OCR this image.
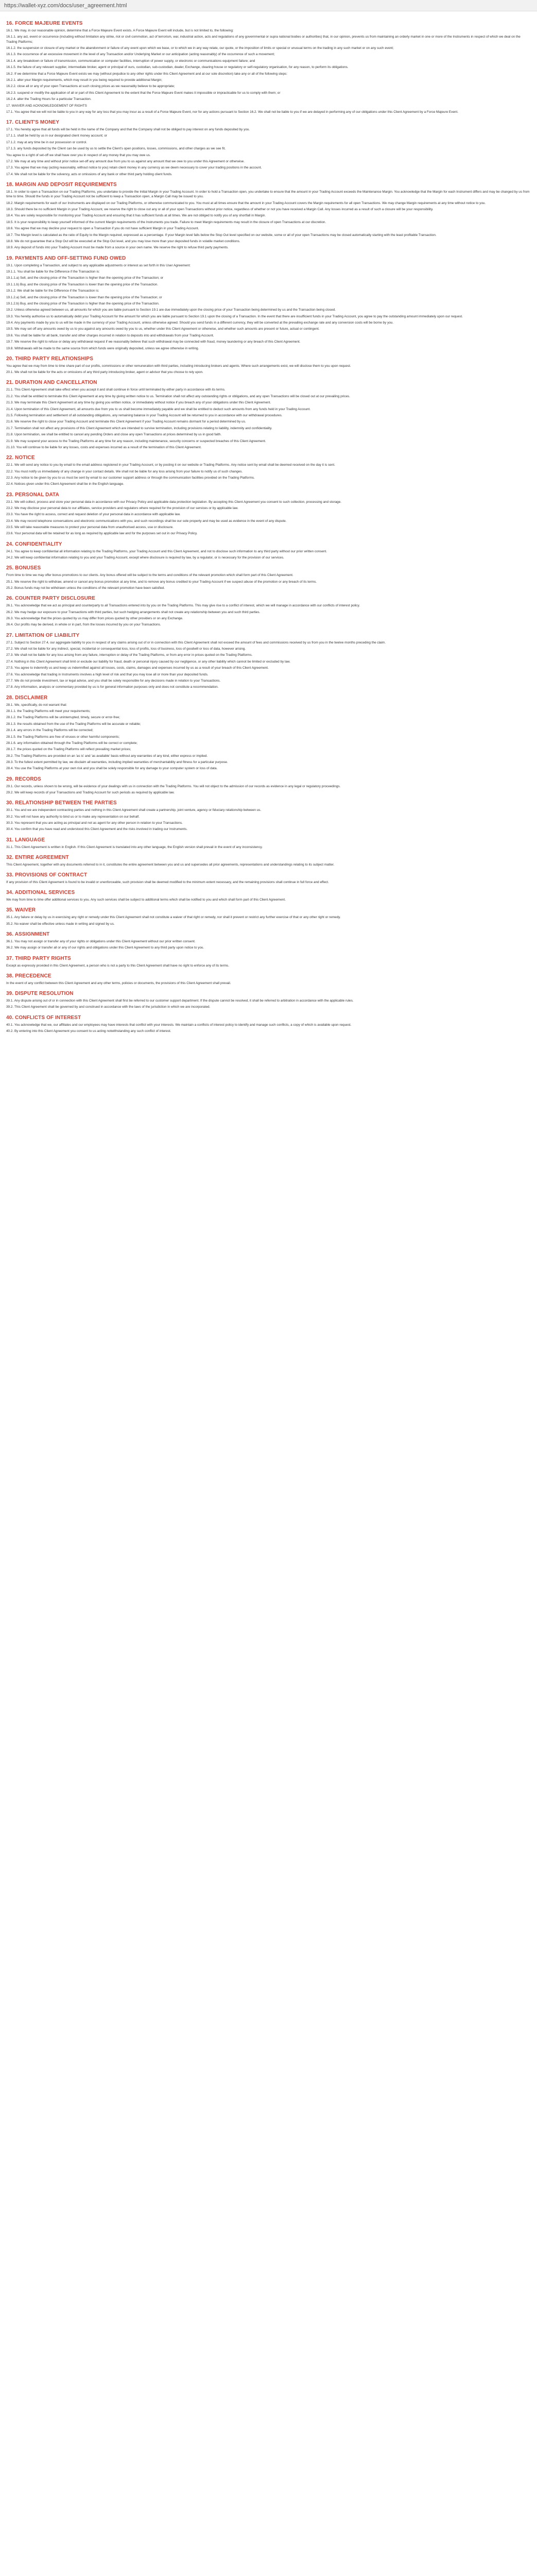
https://wallet-xyz.com/docs/user_agreement.html
16. FORCE MAJEURE EVENTS
16.1. We may, in our reasonable opinion, determine that a Force Majeure Event exists. A Force Majeure Event will include, but is not limited to, the following:
16.1.1. any act, event or occurrence (including without limitation any strike, riot or civil commotion, act of terrorism, war, industrial action, acts and regulations of any governmental or supra national bodies or authorities) that, in our opinion, prevents us from maintaining an orderly market in one or more of the Instruments in respect of which we deal on the Trading Platforms;
16.1.2. the suspension or closure of any market or the abandonment or failure of any event upon which we base, or to which we in any way relate, our quote, or the imposition of limits or special or unusual terms on the trading in any such market or on any such event;
16.1.3. the occurrence of an excessive movement in the level of any Transaction and/or Underlying Market or our anticipation (acting reasonably) of the occurrence of such a movement;
16.1.4. any breakdown or failure of transmission, communication or computer facilities, interruption of power supply, or electronic or communications equipment failure; and
16.1.5. the failure of any relevant supplier, intermediate broker, agent or principal of ours, custodian, sub-custodian, dealer, Exchange, clearing house or regulatory or self-regulatory organisation, for any reason, to perform its obligations.
16.2. If we determine that a Force Majeure Event exists we may (without prejudice to any other rights under this Client Agreement and at our sole discretion) take any or all of the following steps:
16.2.1. alter your Margin requirements, which may result in you being required to provide additional Margin;
16.2.2. close all or any of your open Transactions at such closing prices as we reasonably believe to be appropriate;
16.2.3. suspend or modify the application of all or part of this Client Agreement to the extent that the Force Majeure Event makes it impossible or impracticable for us to comply with them; or
16.2.4. alter the Trading Hours for a particular Transaction.
17. WAIVER AND ACKNOWLEDGEMENT OF RIGHTS
17.1. You agree that we will not be liable to you in any way for any loss that you may incur as a result of a Force Majeure Event, nor for any actions pursuant to Section 16.2. We shall not be liable to you if we are delayed in performing any of our obligations under this Client Agreement by a Force Majeure Event.
17. CLIENT'S MONEY
17.1. You hereby agree that all funds will be held in the name of the Company and that the Company shall not be obliged to pay interest on any funds deposited by you.
17.1.1. shall be held by us in our designated client money account; or
17.1.2. may at any time be in our possession or control.
17.1.3. any funds deposited by the Client can be used by us to settle the Client's open positions, losses, commissions, and other charges as we see fit.
You agree to a right of set-off we shall have over you in respect of any money that you may owe us.
17.2. We may at any time and without prior notice set-off any amount due from you to us against any amount that we owe to you under this Agreement or otherwise.
17.3. You agree that we may (acting reasonably, without notice to you) retain client money in any currency as we deem necessary to cover your trading positions in the account.
17.4. We shall not be liable for the solvency, acts or omissions of any bank or other third party holding client funds.
18. MARGIN AND DEPOSIT REQUIREMENTS
18.1. In order to open a Transaction on our Trading Platforms, you undertake to provide the Initial Margin in your Trading Account. In order to hold a Transaction open, you undertake to ensure that the amount in your Trading Account exceeds the Maintenance Margin. You acknowledge that the Margin for each Instrument differs and may be changed by us from time to time. Should the funds in your Trading Account not be sufficient to keep a Transaction open, a Margin Call may be issued to you.
18.2. Margin requirements for each of our Instruments are displayed on our Trading Platforms, or otherwise communicated to you. You must at all times ensure that the amount in your Trading Account covers the Margin requirements for all open Transactions. We may change Margin requirements at any time without notice to you.
18.3. Should there be no sufficient Margin in your Trading Account, we reserve the right to close out any or all of your open Transactions without prior notice, regardless of whether or not you have received a Margin Call. Any losses incurred as a result of such a closure will be your responsibility.
18.4. You are solely responsible for monitoring your Trading Account and ensuring that it has sufficient funds at all times. We are not obliged to notify you of any shortfall in Margin.
18.5. It is your responsibility to keep yourself informed of the current Margin requirements of the Instruments you trade. Failure to meet Margin requirements may result in the closure of open Transactions at our discretion.
18.6. You agree that we may decline your request to open a Transaction if you do not have sufficient Margin in your Trading Account.
18.7. The Margin level is calculated as the ratio of Equity to the Margin required, expressed as a percentage. If your Margin level falls below the Stop Out level specified on our website, some or all of your open Transactions may be closed automatically starting with the least profitable Transaction.
18.8. We do not guarantee that a Stop Out will be executed at the Stop Out level, and you may lose more than your deposited funds in volatile market conditions.
18.9. Any deposit of funds into your Trading Account must be made from a source in your own name. We reserve the right to refuse third party payments.
19. PAYMENTS AND OFF-SETTING FUND OWED
19.1. Upon completing a Transaction, and subject to any applicable adjustments or interest as set forth in this User Agreement:
19.1.1. You shall be liable for the Difference if the Transaction is:
19.1.1.a) Sell, and the closing price of the Transaction is higher than the opening price of the Transaction; or
19.1.1.b) Buy, and the closing price of the Transaction is lower than the opening price of the Transaction.
19.1.2. We shall be liable for the Difference if the Transaction is:
19.1.2.a) Sell, and the closing price of the Transaction is lower than the opening price of the Transaction; or
19.1.2.b) Buy, and the closing price of the Transaction is higher than the opening price of the Transaction.
19.2. Unless otherwise agreed between us, all amounts for which you are liable pursuant to Section 19.1 are due immediately upon the closing price of your Transaction being determined by us and the Transaction being closed.
19.3. You hereby authorise us to automatically debit your Trading Account for the amount for which you are liable pursuant to Section 19.1 upon the closing of a Transaction. In the event that there are insufficient funds in your Trading Account, you agree to pay the outstanding amount immediately upon our request.
19.4. Any payments made by you to us will be made in the currency of your Trading Account, unless otherwise agreed. Should you send funds in a different currency, they will be converted at the prevailing exchange rate and any conversion costs will be borne by you.
19.5. We may set off any amounts owed by us to you against any amounts owed by you to us, whether under this Client Agreement or otherwise, and whether such amounts are present or future, actual or contingent.
19.6. You shall be liable for all bank, transfer and other charges incurred in relation to deposits into and withdrawals from your Trading Account.
19.7. We reserve the right to refuse or delay any withdrawal request if we reasonably believe that such withdrawal may be connected with fraud, money laundering or any breach of this Client Agreement.
19.8. Withdrawals will be made to the same source from which funds were originally deposited, unless we agree otherwise in writing.
20. THIRD PARTY RELATIONSHIPS
You agree that we may from time to time share part of our profits, commissions or other remuneration with third parties, including introducing brokers and agents. Where such arrangements exist, we will disclose them to you upon request.
20.1. We shall not be liable for the acts or omissions of any third party introducing broker, agent or advisor that you choose to rely upon.
21. DURATION AND CANCELLATION
21.1. This Client Agreement shall take effect when you accept it and shall continue in force until terminated by either party in accordance with its terms.
21.2. You shall be entitled to terminate this Client Agreement at any time by giving written notice to us. Termination shall not affect any outstanding rights or obligations, and any open Transactions will be closed out at our prevailing prices.
21.3. We may terminate this Client Agreement at any time by giving you written notice, or immediately without notice if you breach any of your obligations under this Client Agreement.
21.4. Upon termination of this Client Agreement, all amounts due from you to us shall become immediately payable and we shall be entitled to deduct such amounts from any funds held in your Trading Account.
21.5. Following termination and settlement of all outstanding obligations, any remaining balance in your Trading Account will be returned to you in accordance with our withdrawal procedures.
21.6. We reserve the right to close your Trading Account and terminate this Client Agreement if your Trading Account remains dormant for a period determined by us.
21.7. Termination shall not affect any provisions of this Client Agreement which are intended to survive termination, including provisions relating to liability, indemnity and confidentiality.
21.8. Upon termination, we shall be entitled to cancel any pending Orders and close any open Transactions at prices determined by us in good faith.
21.9. We may suspend your access to the Trading Platforms at any time for any reason, including maintenance, security concerns or suspected breaches of this Client Agreement.
21.10. You will continue to be liable for any losses, costs and expenses incurred as a result of the termination of this Client Agreement.
22. NOTICE
22.1. We will send any notice to you by email to the email address registered in your Trading Account, or by posting it on our website or Trading Platforms. Any notice sent by email shall be deemed received on the day it is sent.
22.2. You must notify us immediately of any change in your contact details. We shall not be liable for any loss arising from your failure to notify us of such changes.
22.3. Any notice to be given by you to us must be sent by email to our customer support address or through the communication facilities provided on the Trading Platforms.
22.4. Notices given under this Client Agreement shall be in the English language.
23. PERSONAL DATA
23.1. We will collect, process and store your personal data in accordance with our Privacy Policy and applicable data protection legislation. By accepting this Client Agreement you consent to such collection, processing and storage.
23.2. We may disclose your personal data to our affiliates, service providers and regulators where required for the provision of our services or by applicable law.
23.3. You have the right to access, correct and request deletion of your personal data in accordance with applicable law.
23.4. We may record telephone conversations and electronic communications with you, and such recordings shall be our sole property and may be used as evidence in the event of any dispute.
23.5. We will take reasonable measures to protect your personal data from unauthorised access, use or disclosure.
23.6. Your personal data will be retained for as long as required by applicable law and for the purposes set out in our Privacy Policy.
24. CONFIDENTIALITY
24.1. You agree to keep confidential all information relating to the Trading Platforms, your Trading Account and this Client Agreement, and not to disclose such information to any third party without our prior written consent.
24.2. We will keep confidential information relating to you and your Trading Account, except where disclosure is required by law, by a regulator, or is necessary for the provision of our services.
25. BONUSES
From time to time we may offer bonus promotions to our clients. Any bonus offered will be subject to the terms and conditions of the relevant promotion which shall form part of this Client Agreement.
25.1. We reserve the right to withdraw, amend or cancel any bonus promotion at any time, and to remove any bonus credited to your Trading Account if we suspect abuse of the promotion or any breach of its terms.
25.2. Bonus funds may not be withdrawn unless the conditions of the relevant promotion have been satisfied.
26. COUNTER PARTY DISCLOSURE
26.1. You acknowledge that we act as principal and counterparty to all Transactions entered into by you on the Trading Platforms. This may give rise to a conflict of interest, which we will manage in accordance with our conflicts of interest policy.
26.2. We may hedge our exposure to your Transactions with third parties, but such hedging arrangements shall not create any relationship between you and such third parties.
26.3. You acknowledge that the prices quoted by us may differ from prices quoted by other providers or on any Exchange.
26.4. Our profits may be derived, in whole or in part, from the losses incurred by you on your Transactions.
27. LIMITATION OF LIABILITY
27.1. Subject to Section 27.4, our aggregate liability to you in respect of any claims arising out of or in connection with this Client Agreement shall not exceed the amount of fees and commissions received by us from you in the twelve months preceding the claim.
27.2. We shall not be liable for any indirect, special, incidental or consequential loss, loss of profits, loss of business, loss of goodwill or loss of data, however arising.
27.3. We shall not be liable for any loss arising from any failure, interruption or delay of the Trading Platforms, or from any error in prices quoted on the Trading Platforms.
27.4. Nothing in this Client Agreement shall limit or exclude our liability for fraud, death or personal injury caused by our negligence, or any other liability which cannot be limited or excluded by law.
27.5. You agree to indemnify us and keep us indemnified against all losses, costs, claims, damages and expenses incurred by us as a result of your breach of this Client Agreement.
27.6. You acknowledge that trading in Instruments involves a high level of risk and that you may lose all or more than your deposited funds.
27.7. We do not provide investment, tax or legal advice, and you shall be solely responsible for any decisions made in relation to your Transactions.
27.8. Any information, analysis or commentary provided by us is for general information purposes only and does not constitute a recommendation.
28. DISCLAIMER
28.1. We, specifically, do not warrant that:
28.1.1. the Trading Platforms will meet your requirements;
28.1.2. the Trading Platforms will be uninterrupted, timely, secure or error-free;
28.1.3. the results obtained from the use of the Trading Platforms will be accurate or reliable;
28.1.4. any errors in the Trading Platforms will be corrected;
28.1.5. the Trading Platforms are free of viruses or other harmful components;
28.1.6. any information obtained through the Trading Platforms will be correct or complete;
28.1.7. the prices quoted on the Trading Platforms will reflect prevailing market prices;
28.2. The Trading Platforms are provided on an 'as is' and 'as available' basis without any warranties of any kind, either express or implied.
28.3. To the fullest extent permitted by law, we disclaim all warranties, including implied warranties of merchantability and fitness for a particular purpose.
28.4. You use the Trading Platforms at your own risk and you shall be solely responsible for any damage to your computer system or loss of data.
29. RECORDS
29.1. Our records, unless shown to be wrong, will be evidence of your dealings with us in connection with the Trading Platforms. You will not object to the admission of our records as evidence in any legal or regulatory proceedings.
29.2. We will keep records of your Transactions and Trading Account for such periods as required by applicable law.
30. RELATIONSHIP BETWEEN THE PARTIES
30.1. You and we are independent contracting parties and nothing in this Client Agreement shall create a partnership, joint venture, agency or fiduciary relationship between us.
30.2. You will not have any authority to bind us or to make any representation on our behalf.
30.3. You represent that you are acting as principal and not as agent for any other person in relation to your Transactions.
30.4. You confirm that you have read and understood this Client Agreement and the risks involved in trading our Instruments.
31. LANGUAGE
31.1. This Client Agreement is written in English. If this Client Agreement is translated into any other language, the English version shall prevail in the event of any inconsistency.
32. ENTIRE AGREEMENT
This Client Agreement, together with any documents referred to in it, constitutes the entire agreement between you and us and supersedes all prior agreements, representations and understandings relating to its subject matter.
33. PROVISIONS OF CONTRACT
If any provision of this Client Agreement is found to be invalid or unenforceable, such provision shall be deemed modified to the minimum extent necessary, and the remaining provisions shall continue in full force and effect.
34. ADDITIONAL SERVICES
We may from time to time offer additional services to you. Any such services shall be subject to additional terms which shall be notified to you and which shall form part of this Client Agreement.
35. WAIVER
35.1. Any failure or delay by us in exercising any right or remedy under this Client Agreement shall not constitute a waiver of that right or remedy, nor shall it prevent or restrict any further exercise of that or any other right or remedy.
35.2. No waiver shall be effective unless made in writing and signed by us.
36. ASSIGNMENT
36.1. You may not assign or transfer any of your rights or obligations under this Client Agreement without our prior written consent.
36.2. We may assign or transfer all or any of our rights and obligations under this Client Agreement to any third party upon notice to you.
37. THIRD PARTY RIGHTS
Except as expressly provided in this Client Agreement, a person who is not a party to this Client Agreement shall have no right to enforce any of its terms.
38. PRECEDENCE
In the event of any conflict between this Client Agreement and any other terms, policies or documents, the provisions of this Client Agreement shall prevail.
39. DISPUTE RESOLUTION
39.1. Any dispute arising out of or in connection with this Client Agreement shall first be referred to our customer support department. If the dispute cannot be resolved, it shall be referred to arbitration in accordance with the applicable rules.
39.2. This Client Agreement shall be governed by and construed in accordance with the laws of the jurisdiction in which we are incorporated.
40. CONFLICTS OF INTEREST
40.1. You acknowledge that we, our affiliates and our employees may have interests that conflict with your interests. We maintain a conflicts of interest policy to identify and manage such conflicts, a copy of which is available upon request.
40.2. By entering into this Client Agreement you consent to us acting notwithstanding any such conflict of interest.
